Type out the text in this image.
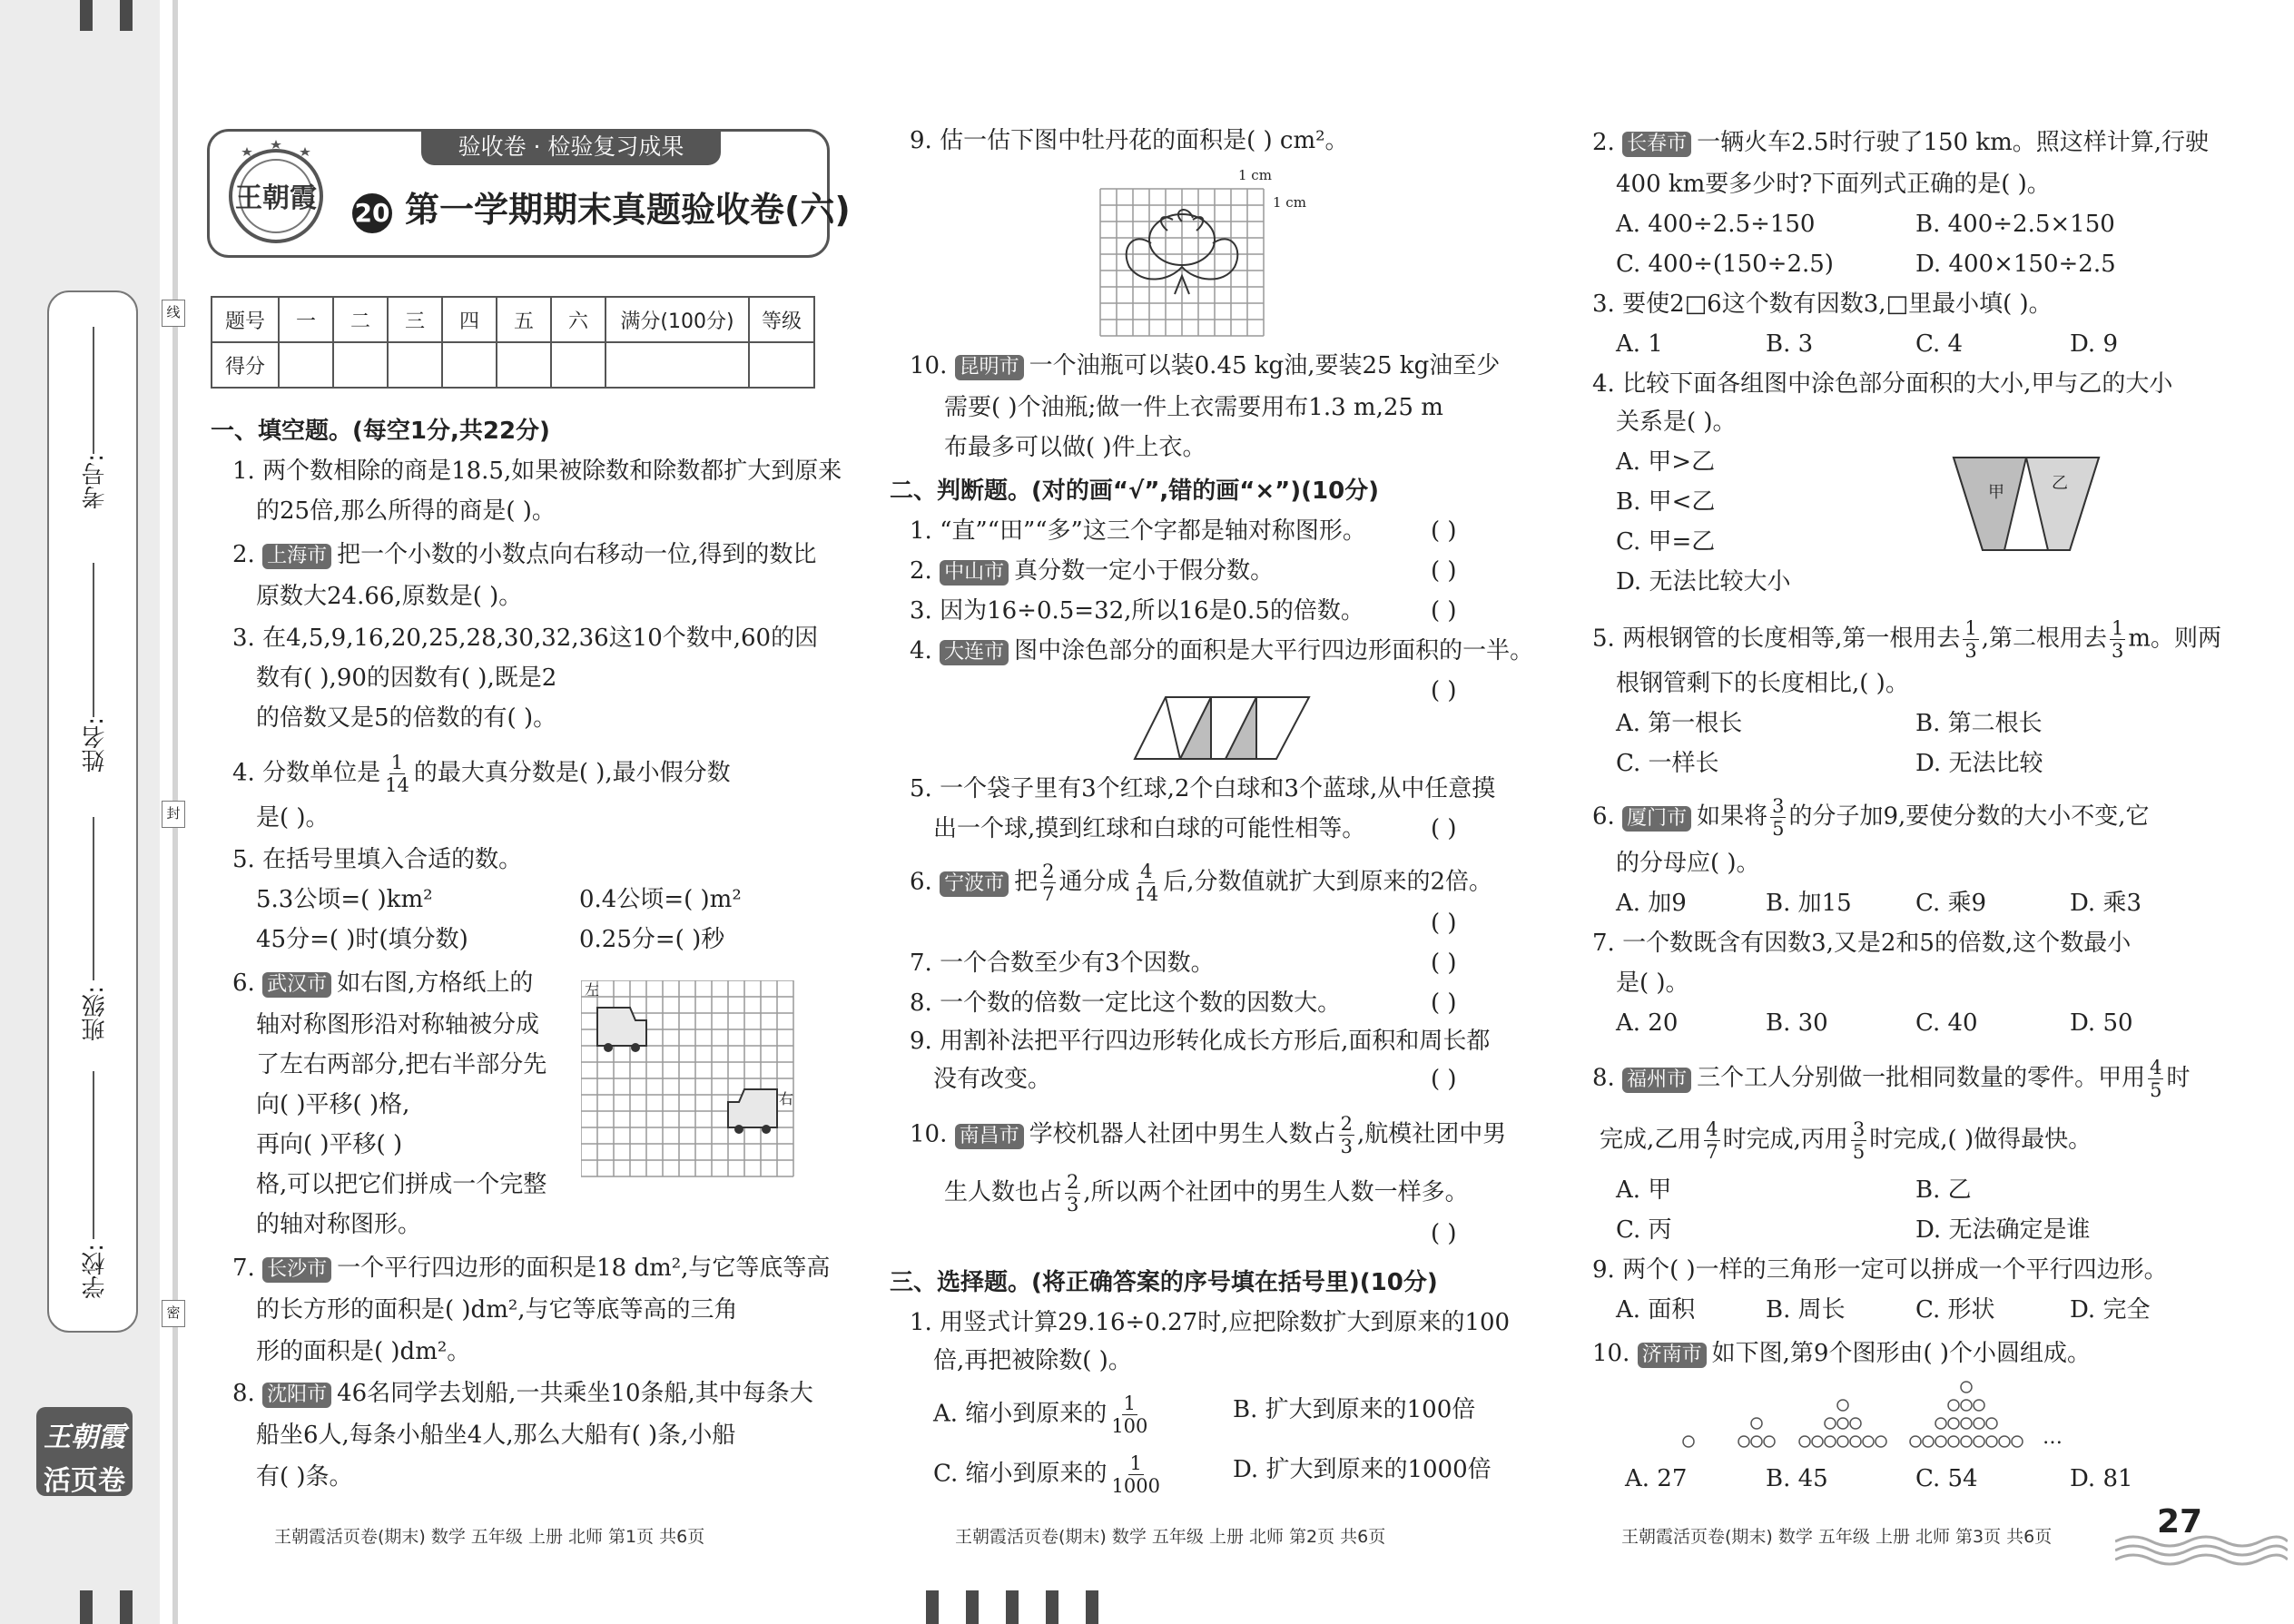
考号:
姓名:
班级:
学校:
线
封
密
王朝霞
活页卷
验收卷 · 检验复习成果
王朝霞 20 第一学期期末真题验收卷(六)
题号	一	二	三	四	五	六	满分(100分)	等级
得分								
一、填空题。(每空1分,共22分)
1. 两个数相除的商是18.5,如果被除数和除数都扩大到原来
的25倍,那么所得的商是( )。
2. 上海市 把一个小数的小数点向右移动一位,得到的数比
原数大24.66,原数是( )。
3. 在4,5,9,16,20,25,28,30,32,36这10个数中,60的因
数有( ),90的因数有( ),既是2
的倍数又是5的倍数的有( )。
4. 分数单位是 $\frac{1}{14}$ 的最大真分数是( ),最小假分数
是( )。
5. 在括号里填入合适的数。
5.3公顷=( )km²	0.4公顷=( )m²
45分=( )时(填分数)	0.25分=( )秒
6. 武汉市 如右图,方格纸上的
轴对称图形沿对称轴被分成
了左右两部分,把右半部分先
向( )平移( )格,
再向( )平移( )
格,可以把它们拼成一个完整
的轴对称图形。
左
右
7. 长沙市 一个平行四边形的面积是18 dm²,与它等底等高
的长方形的面积是( )dm²,与它等底等高的三角
形的面积是( )dm²。
8. 沈阳市 46名同学去划船,一共乘坐10条船,其中每条大
船坐6人,每条小船坐4人,那么大船有( )条,小船
有( )条。
王朝霞活页卷(期末) 数学 五年级 上册 北师 第1页 共6页
9. 估一估下图中牡丹花的面积是( ) cm²。
1 cm
1 cm
10. 昆明市 一个油瓶可以装0.45 kg油,要装25 kg油至少
需要( )个油瓶;做一件上衣需要用布1.3 m,25 m
布最多可以做( )件上衣。
二、判断题。(对的画“√”,错的画“×”)(10分)
1. “直”“田”“多”这三个字都是轴对称图形。	( )
2. 中山市 真分数一定小于假分数。	( )
3. 因为16÷0.5=32,所以16是0.5的倍数。	( )
4. 大连市 图中涂色部分的面积是大平行四边形面积的一半。
( )
5. 一个袋子里有3个红球,2个白球和3个蓝球,从中任意摸
出一个球,摸到红球和白球的可能性相等。	( )
6. 宁波市 把 $\frac{2}{7}$ 通分成 $\frac{4}{14}$ 后,分数值就扩大到原来的2倍。
( )
7. 一个合数至少有3个因数。	( )
8. 一个数的倍数一定比这个数的因数大。	( )
9. 用割补法把平行四边形转化成长方形后,面积和周长都
没有改变。	( )
10. 南昌市 学校机器人社团中男生人数占 $\frac{2}{3}$ ,航模社团中男
生人数也占 $\frac{2}{3}$ ,所以两个社团中的男生人数一样多。
( )
三、选择题。(将正确答案的序号填在括号里)(10分)
1. 用竖式计算29.16÷0.27时,应把除数扩大到原来的100
倍,再把被除数( )。
A. 缩小到原来的 $\frac{1}{100}$	B. 扩大到原来的100倍
C. 缩小到原来的 $\frac{1}{1000}$	D. 扩大到原来的1000倍
王朝霞活页卷(期末) 数学 五年级 上册 北师 第2页 共6页
2. 长春市 一辆火车2.5时行驶了150 km。照这样计算,行驶
400 km要多少时?下面列式正确的是( )。
A. 400÷2.5÷150	B. 400÷2.5×150
C. 400÷(150÷2.5)	D. 400×150÷2.5
3. 要使2□6这个数有因数3,□里最小填( )。
A. 1	B. 3	C. 4	D. 9
4. 比较下面各组图中涂色部分面积的大小,甲与乙的大小
关系是( )。
A. 甲>乙
B. 甲<乙
C. 甲=乙
D. 无法比较大小
甲	乙
5. 两根钢管的长度相等,第一根用去 $\frac{1}{3}$ ,第二根用去 $\frac{1}{3}$ m。则两
根钢管剩下的长度相比,( )。
A. 第一根长	B. 第二根长
C. 一样长	D. 无法比较
6. 厦门市 如果将 $\frac{3}{5}$ 的分子加9,要使分数的大小不变,它
的分母应( )。
A. 加9	B. 加15	C. 乘9	D. 乘3
7. 一个数既含有因数3,又是2和5的倍数,这个数最小
是( )。
A. 20	B. 30	C. 40	D. 50
8. 福州市 三个工人分别做一批相同数量的零件。甲用 $\frac{4}{5}$ 时
完成,乙用 $\frac{4}{7}$ 时完成,丙用 $\frac{3}{5}$ 时完成,( )做得最快。
A. 甲	B. 乙
C. 丙	D. 无法确定是谁
9. 两个( )一样的三角形一定可以拼成一个平行四边形。
A. 面积	B. 周长	C. 形状	D. 完全
10. 济南市 如下图,第9个图形由( )个小圆组成。
…
A. 27	B. 45	C. 54	D. 81
王朝霞活页卷(期末) 数学 五年级 上册 北师 第3页 共6页	27
